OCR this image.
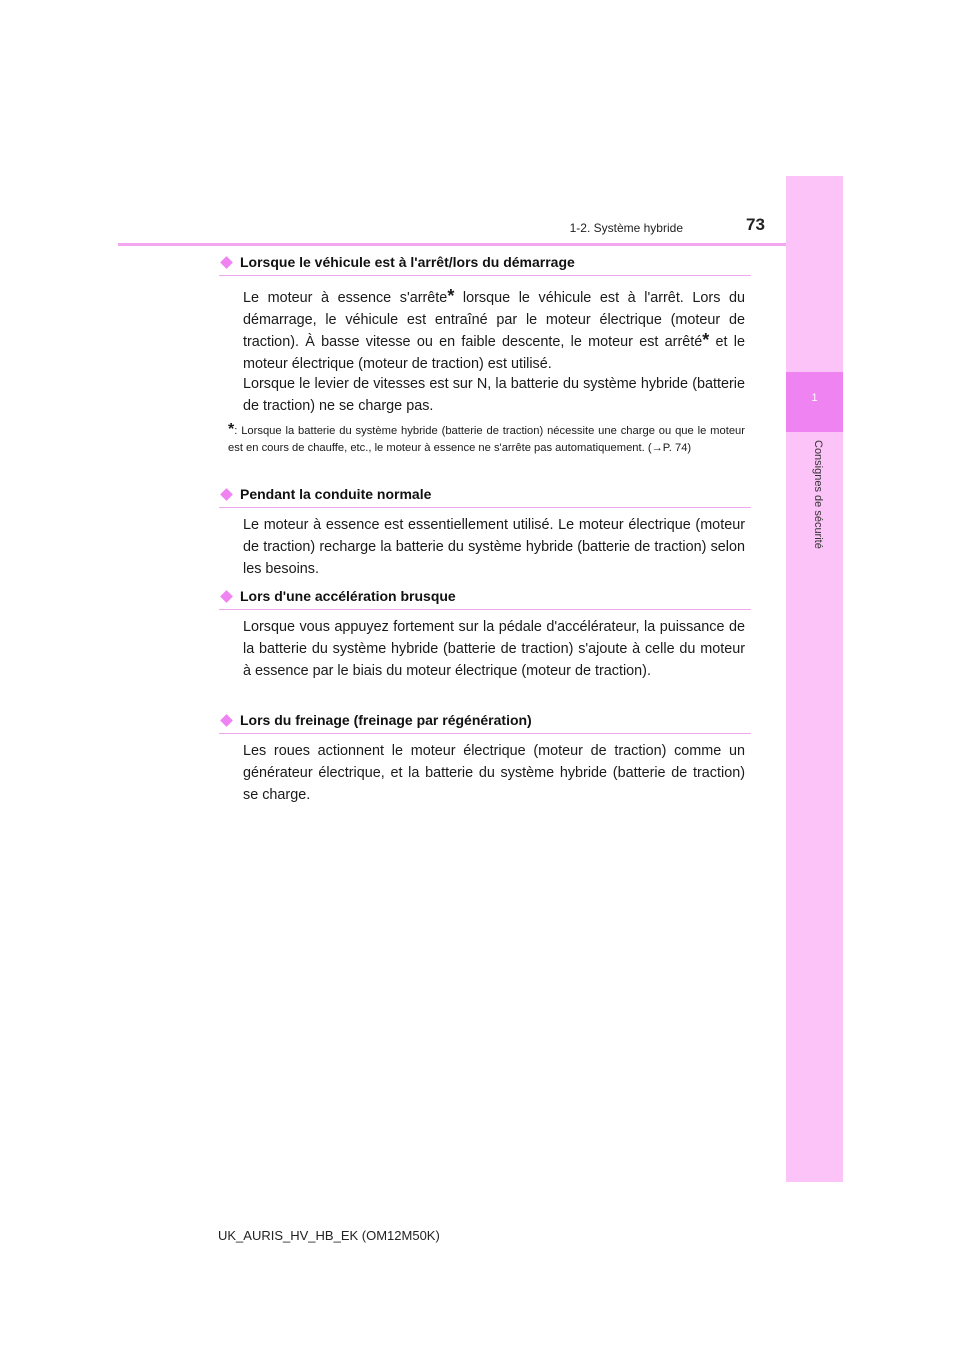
1
Consignes de sécurité
1-2. Système hybride	73
Lorsque le véhicule est à l'arrêt/lors du démarrage

Le moteur à essence s'arrête* lorsque le véhicule est à l'arrêt. Lors du démarrage, le véhicule est entraîné par le moteur électrique (moteur de traction). À basse vitesse ou en faible descente, le moteur est arrêté* et le moteur électrique (moteur de traction) est utilisé.

Lorsque le levier de vitesses est sur N, la batterie du système hybride (batterie de traction) ne se charge pas.

*: Lorsque la batterie du système hybride (batterie de traction) nécessite une charge ou que le moteur est en cours de chauffe, etc., le moteur à essence ne s'arrête pas automatiquement. (→P. 74)
Pendant la conduite normale

Le moteur à essence est essentiellement utilisé. Le moteur électrique (moteur de traction) recharge la batterie du système hybride (batterie de traction) selon les besoins.

Lors d'une accélération brusque

Lorsque vous appuyez fortement sur la pédale d'accélérateur, la puissance de la batterie du système hybride (batterie de traction) s'ajoute à celle du moteur à essence par le biais du moteur électrique (moteur de traction).

Lors du freinage (freinage par régénération)

Les roues actionnent le moteur électrique (moteur de traction) comme un générateur électrique, et la batterie du système hybride (batterie de traction) se charge.

UK_AURIS_HV_HB_EK (OM12M50K)
